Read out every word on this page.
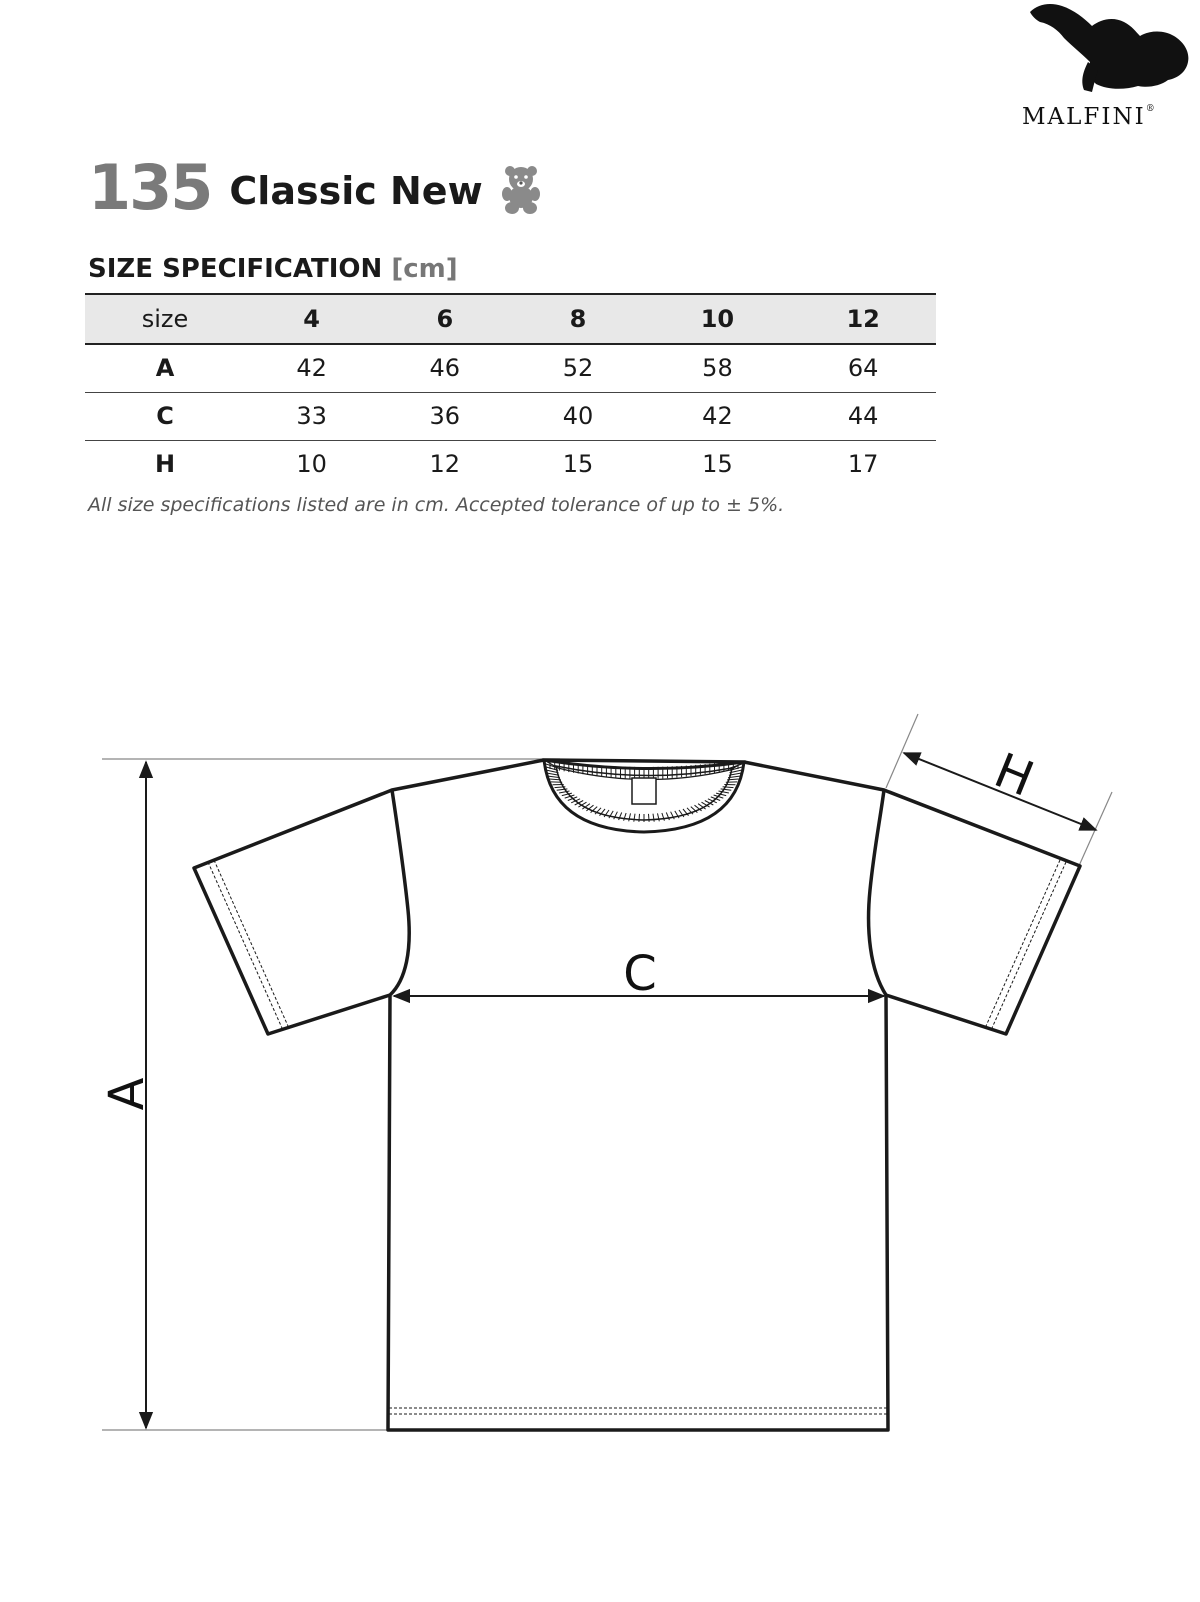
MALFINI®
135 Classic New
SIZE SPECIFICATION [cm]
size	4	6	8	10	12
A	42	46	52	58	64
C	33	36	40	42	44
H	10	12	15	15	17
All size specifications listed are in cm. Accepted tolerance of up to ± 5%.
A
C
H
